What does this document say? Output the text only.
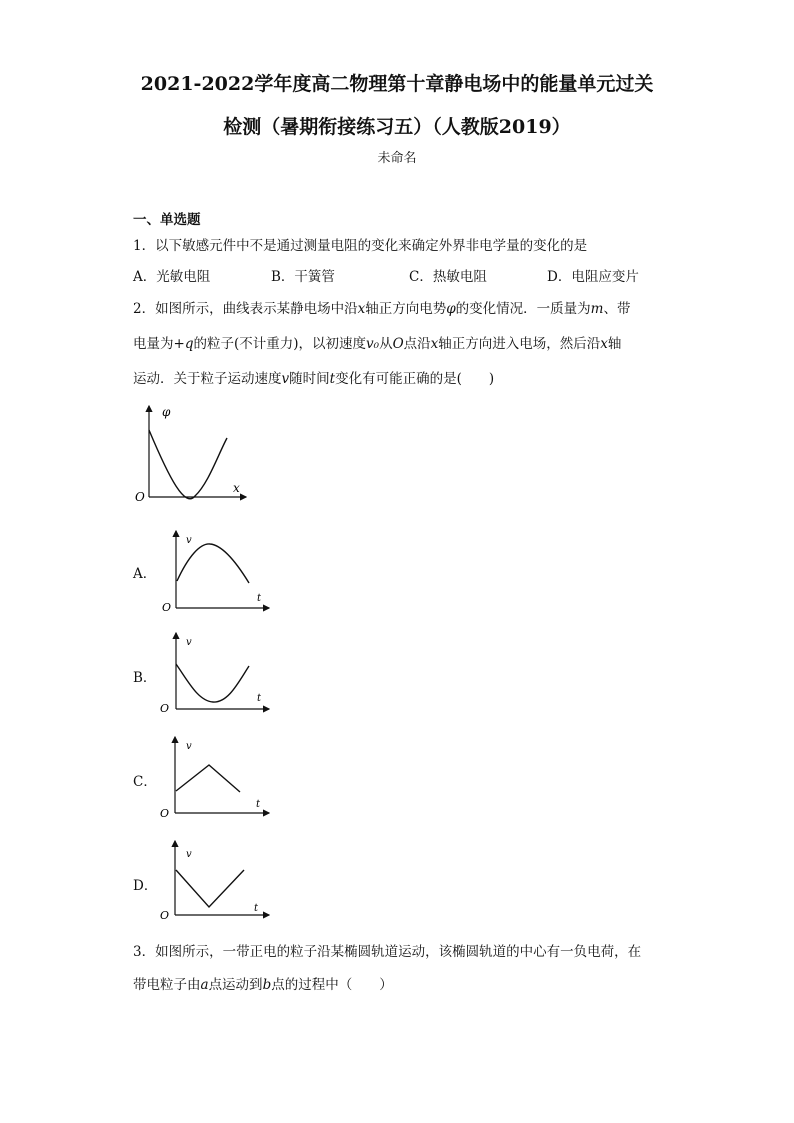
2021-2022学年度高二物理第十章静电场中的能量单元过关
检测（暑期衔接练习五）（人教版2019）
未命名
一、单选题
1．以下敏感元件中不是通过测量电阻的变化来确定外界非电学量的变化的是
A．光敏电阻	B．干簧管	C．热敏电阻	D．电阻应变片
2．如图所示，曲线表示某静电场中沿x轴正方向电势φ的变化情况．一质量为m、带
电量为+q的粒子(不计重力)，以初速度v₀从O点沿x轴正方向进入电场，然后沿x轴
运动．关于粒子运动速度v随时间t变化有可能正确的是(　　)
φ
x
O
A．
v
t
O
B．
v
t
O
C．
v
t
O
D．
v
t
O
3．如图所示，一带正电的粒子沿某椭圆轨道运动，该椭圆轨道的中心有一负电荷，在
带电粒子由a点运动到b点的过程中（　　）
